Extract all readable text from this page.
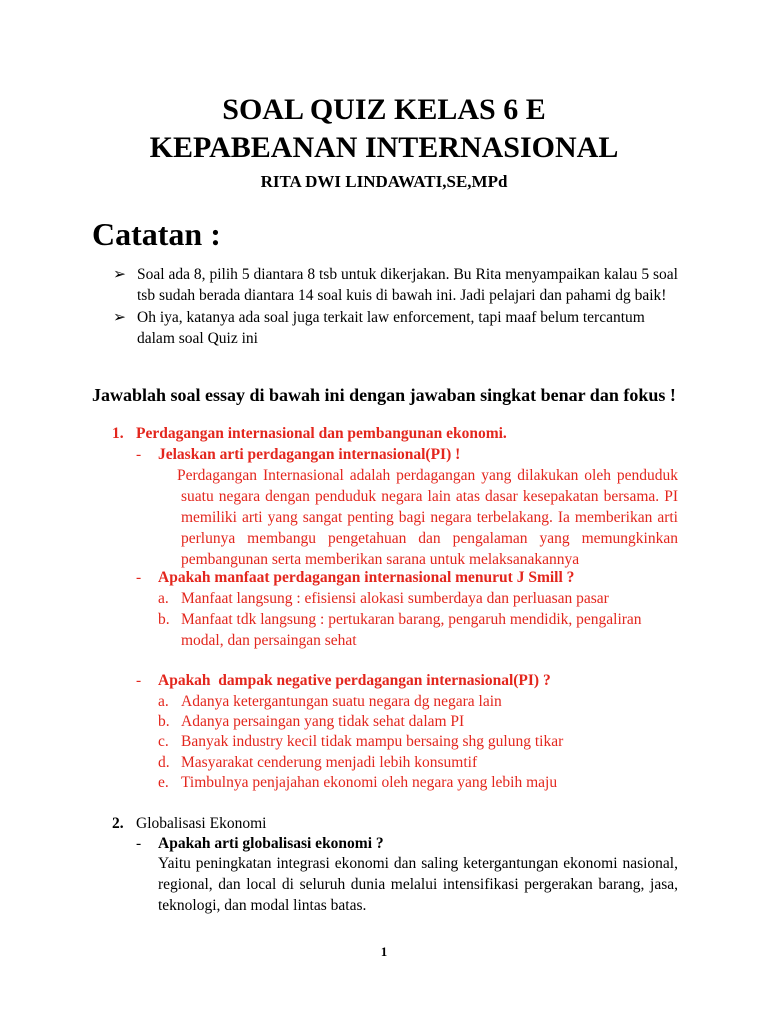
SOAL QUIZ KELAS 6 E
KEPABEANAN INTERNASIONAL
RITA DWI LINDAWATI,SE,MPd
Catatan :
➢ Soal ada 8, pilih 5 diantara 8 tsb untuk dikerjakan. Bu Rita menyampaikan kalau 5 soal tsb sudah berada diantara 14 soal kuis di bawah ini. Jadi pelajari dan pahami dg baik!
➢ Oh iya, katanya ada soal juga terkait law enforcement, tapi maaf belum tercantum dalam soal Quiz ini
Jawablah soal essay di bawah ini dengan jawaban singkat benar dan fokus !
1. Perdagangan internasional dan pembangunan ekonomi.
- Jelaskan arti perdagangan internasional(PI) !
Perdagangan Internasional adalah perdagangan yang dilakukan oleh penduduk suatu negara dengan penduduk negara lain atas dasar kesepakatan bersama. PI memiliki arti yang sangat penting bagi negara terbelakang. Ia memberikan arti perlunya membangu pengetahuan dan pengalaman yang memungkinkan pembangunan serta memberikan sarana untuk melaksanakannya
- Apakah manfaat perdagangan internasional menurut J Smill ?
a. Manfaat langsung : efisiensi alokasi sumberdaya dan perluasan pasar
b. Manfaat tdk langsung : pertukaran barang, pengaruh mendidik, pengaliran modal, dan persaingan sehat
- Apakah  dampak negative perdagangan internasional(PI) ?
a. Adanya ketergantungan suatu negara dg negara lain
b. Adanya persaingan yang tidak sehat dalam PI
c. Banyak industry kecil tidak mampu bersaing shg gulung tikar
d. Masyarakat cenderung menjadi lebih konsumtif
e. Timbulnya penjajahan ekonomi oleh negara yang lebih maju
2. Globalisasi Ekonomi
- Apakah arti globalisasi ekonomi ?
Yaitu peningkatan integrasi ekonomi dan saling ketergantungan ekonomi nasional, regional, dan local di seluruh dunia melalui intensifikasi pergerakan barang, jasa, teknologi, dan modal lintas batas.
1
